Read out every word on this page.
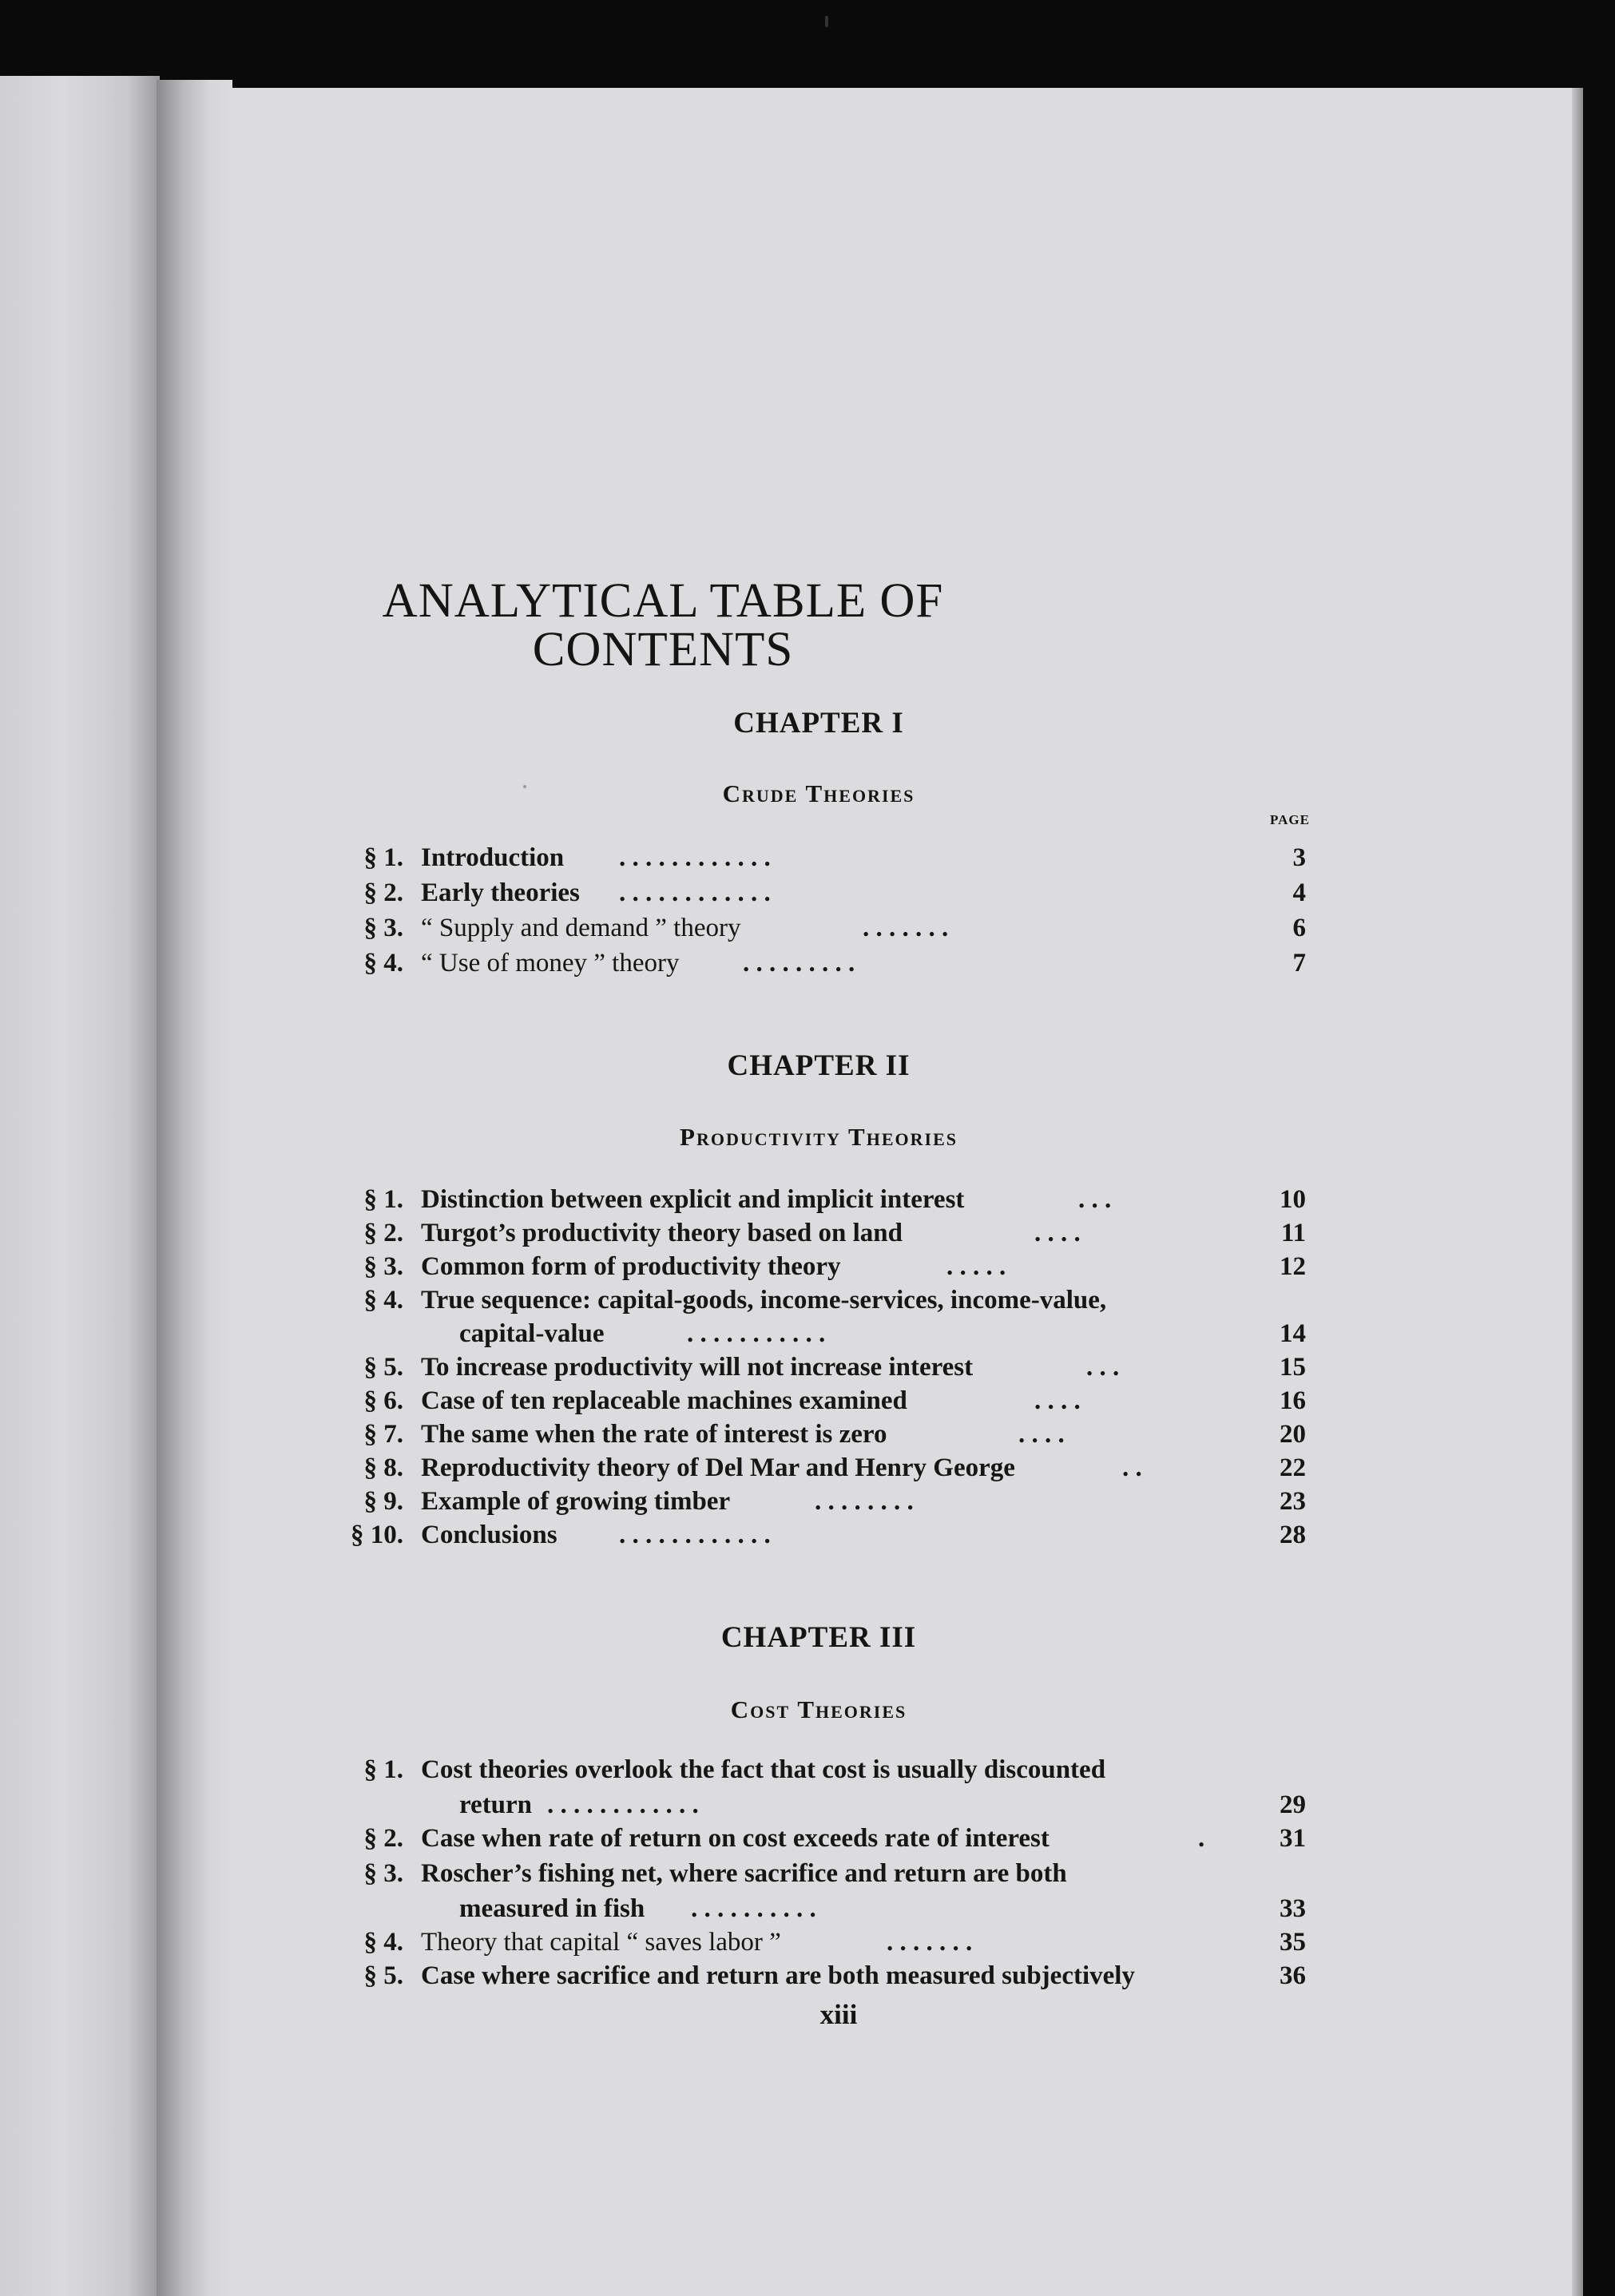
ANALYTICAL TABLE OF CONTENTS
CHAPTER I
Crude Theories
PAGE
§ 1. Introduction . . . . . . . . . . . .	3
§ 2. Early theories . . . . . . . . . . . .	4
§ 3. “ Supply and demand ” theory	. . . . . . .	6
§ 4. “ Use of money ” theory . . . . . . . . .	7
CHAPTER II
Productivity Theories
§ 1. Distinction between explicit and implicit interest	. . .	10
§ 2. Turgot’s productivity theory based on land	. . . .	11
§ 3. Common form of productivity theory	. . . . .	12
§ 4. True sequence: capital-goods, income-services, income-value,
capital-value	. . . . . . . . . . .	14
§ 5. To increase productivity will not increase interest	. . .	15
§ 6. Case of ten replaceable machines examined	. . . .	16
§ 7. The same when the rate of interest is zero	. . . .	20
§ 8. Reproductivity theory of Del Mar and Henry George	. .	22
§ 9. Example of growing timber	. . . . . . . .	23
§ 10. Conclusions . . . . . . . . . . . .	28
CHAPTER III
Cost Theories
§ 1. Cost theories overlook the fact that cost is usually discounted
return . . . . . . . . . . . .	29
§ 2. Case when rate of return on cost exceeds rate of interest	.	31
§ 3. Roscher’s fishing net, where sacrifice and return are both
measured in fish . . . . . . . . . .	33
§ 4. Theory that capital “ saves labor ”	. . . . . . .	35
§ 5. Case where sacrifice and return are both measured subjectively	36
xiii
